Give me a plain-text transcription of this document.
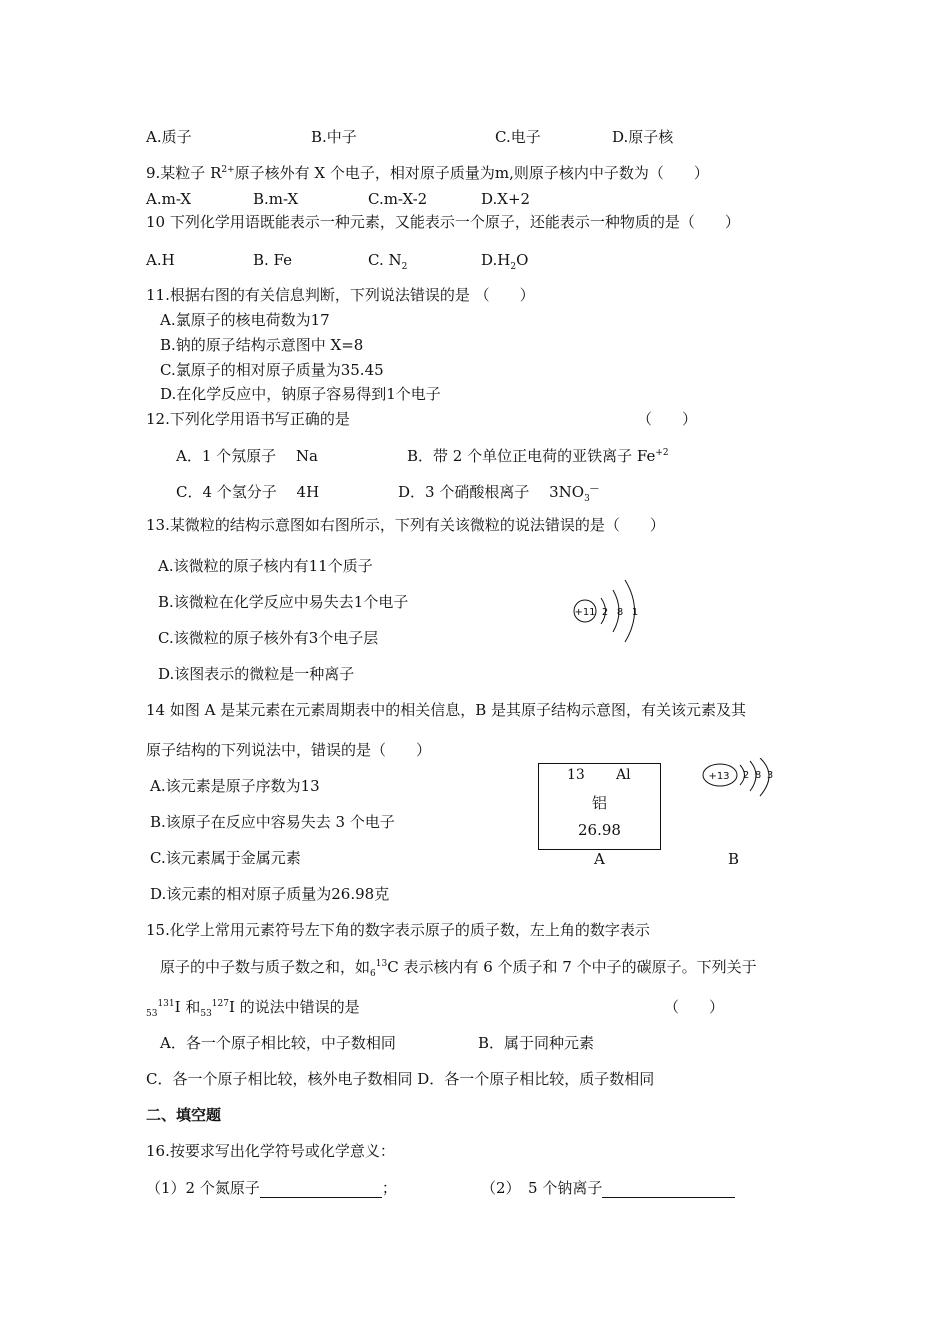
A.质子	B.中子	C.电子	D.原子核
9.某粒子 $R^{2+}$原子核外有 X 个电子，相对原子质量为m,则原子核内中子数为（　　）
A.m-X	B.m-X	C.m-X-2	D.X+2
10 下列化学用语既能表示一种元素，又能表示一个原子，还能表示一种物质的是（　　）
A.H	B. Fe	C. $N_2$	$D.H_2O$
11.根据右图的有关信息判断，下列说法错误的是 （　　）
A.氯原子的核电荷数为17
B.钠的原子结构示意图中 X=8
C.氯原子的相对原子质量为35.45
D.在化学反应中，钠原子容易得到1个电子
12.下列化学用语书写正确的是	（　　）
A．1 个氖原子　 Na	B．带 2 个单位正电荷的亚铁离子 $Fe^{+2}$
C．4 个氢分子　 4H	D．3 个硝酸根离子　 $3NO_3^—$
13.某微粒的结构示意图如右图所示，下列有关该微粒的说法错误的是（　　）
A.该微粒的原子核内有11个质子
B.该微粒在化学反应中易失去1个电子
C.该微粒的原子核外有3个电子层
D.该图表示的微粒是一种离子
+11 2 8 1
14 如图 A 是某元素在元素周期表中的相关信息，B 是其原子结构示意图，有关该元素及其
原子结构的下列说法中，错误的是（　　）
A.该元素是原子序数为13
B.该原子在反应中容易失去 3 个电子
C.该元素属于金属元素
D.该元素的相对原子质量为26.98克
13 Al
铝
26.98
A	B
+13 2 8 3
15.化学上常用元素符号左下角的数字表示原子的质子数，左上角的数字表示
原子的中子数与质子数之和，如$_6^{13}$C 表示核内有 6 个质子和 7 个中子的碳原子。下列关于
$_{53}^{131}$I 和$_{53}^{127}$I 的说法中错误的是	（　　）
A．各一个原子相比较，中子数相同	B．属于同种元素
C．各一个原子相比较，核外电子数相同 D．各一个原子相比较，质子数相同
二、填空题
16.按要求写出化学符号或化学意义：
（1）2 个氮原子	；	（2）　5 个钠离子
